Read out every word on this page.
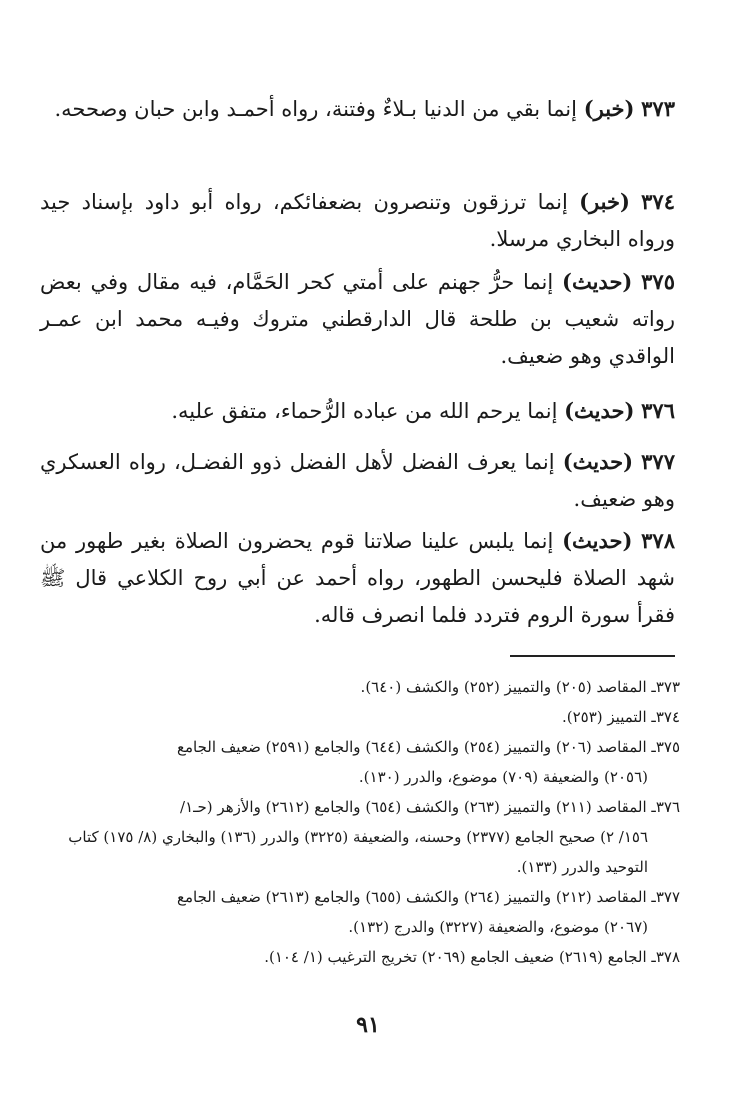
٣٧٣ (خبر) إنما بقي من الدنيا بـلاءٌ وفتنة، رواه أحمـد وابن حبان وصححه.

٣٧٤ (خبر) إنما ترزقون وتنصرون بضعفائكم، رواه أبو داود بإسناد جيد ورواه البخاري مرسلا.

٣٧٥ (حديث) إنما حرُّ جهنم على أمتي كحر الحَمَّام، فيه مقال وفي بعض رواته شعيب بن طلحة قال الدارقطني متروك وفيـه محمد ابن عمـر الواقدي وهو ضعيف.

٣٧٦ (حديث) إنما يرحم الله من عباده الرُّحماء، متفق عليه.

٣٧٧ (حديث) إنما يعرف الفضل لأهل الفضل ذوو الفضـل، رواه العسكري وهو ضعيف.

٣٧٨ (حديث) إنما يلبس علينا صلاتنا قوم يحضرون الصلاة بغير طهور من شهد الصلاة فليحسن الطهور، رواه أحمد عن أبي روح الكلاعي قال ﷺ فقرأ سورة الروم فتردد فلما انصرف قاله.

٣٧٣ـ المقاصد (٢٠٥) والتمييز (٢٥٢) والكشف (٦٤٠).
٣٧٤ـ التمييز (٢٥٣).
٣٧٥ـ المقاصد (٢٠٦) والتمييز (٢٥٤) والكشف (٦٤٤) والجامع (٢٥٩١) ضعيف الجامع
(٢٠٥٦) والضعيفة (٧٠٩) موضوع، والدرر (١٣٠).
٣٧٦ـ المقاصد (٢١١) والتمييز (٢٦٣) والكشف (٦٥٤) والجامع (٢٦١٢) والأزهر (حـ١/
١٥٦/ ٢) صحيح الجامع (٢٣٧٧) وحسنه، والضعيفة (٣٢٢٥) والدرر (١٣٦) والبخاري (٨/ ١٧٥) كتاب التوحيد والدرر (١٣٣).
٣٧٧ـ المقاصد (٢١٢) والتمييز (٢٦٤) والكشف (٦٥٥) والجامع (٢٦١٣) ضعيف الجامع
(٢٠٦٧) موضوع، والضعيفة (٣٢٢٧) والدرج (١٣٢).
٣٧٨ـ الجامع (٢٦١٩) ضعيف الجامع (٢٠٦٩) تخريج الترغيب (١/ ١٠٤).
٩١
